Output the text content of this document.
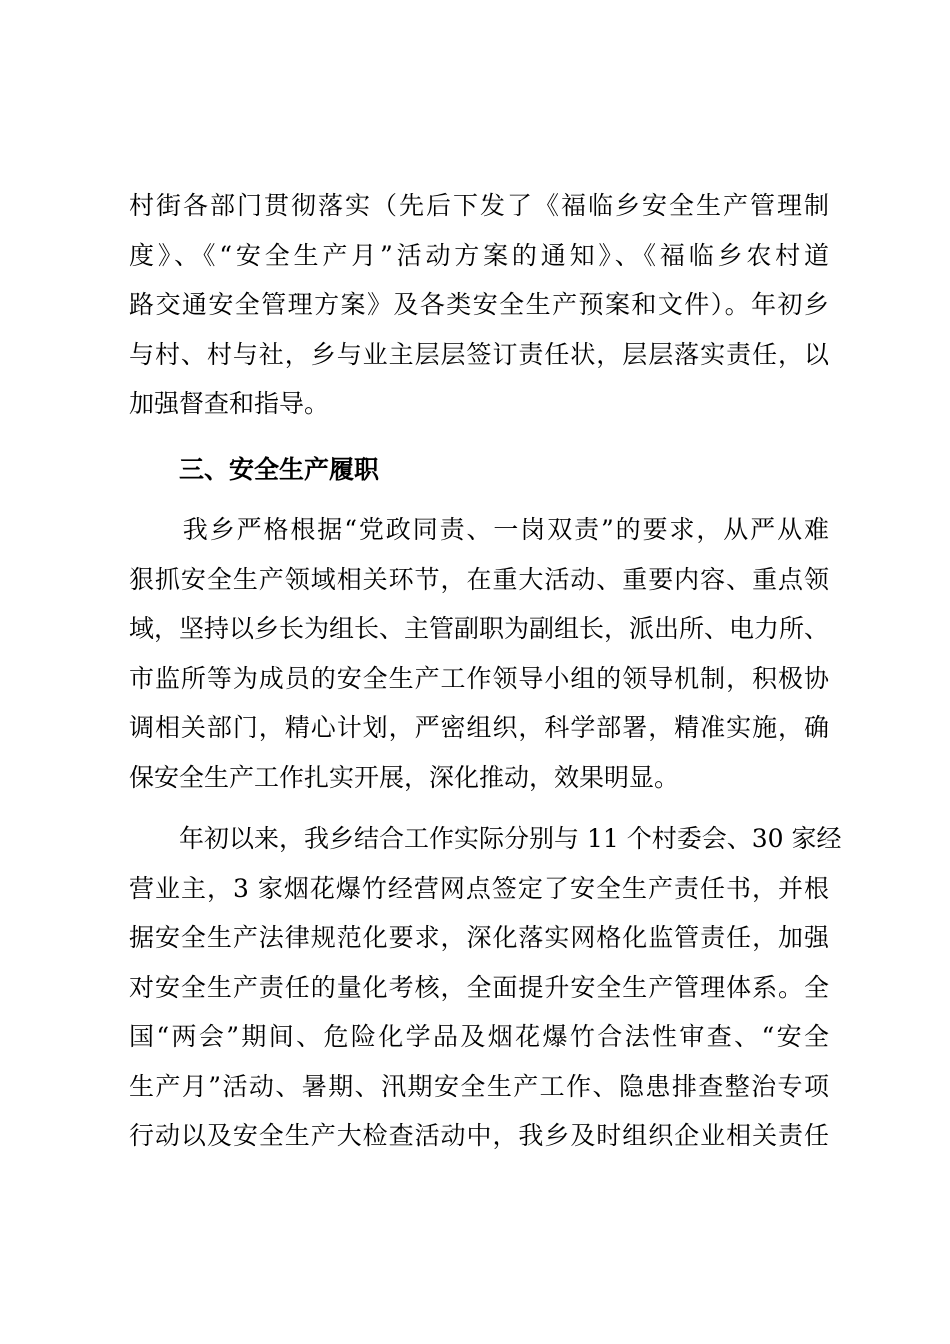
村街各部门贯彻落实（先后下发了《福临乡安全生产管理制
度》、《“安全生产月”活动方案的通知》、《福临乡农村道
路交通安全管理方案》及各类安全生产预案和文件）。年初乡
与村、村与社，乡与业主层层签订责任状，层层落实责任，以
加强督查和指导。
三、安全生产履职
　　我乡严格根据“党政同责、一岗双责”的要求，从严从难
狠抓安全生产领域相关环节，在重大活动、重要内容、重点领
域，坚持以乡长为组长、主管副职为副组长，派出所、电力所、
市监所等为成员的安全生产工作领导小组的领导机制，积极协
调相关部门，精心计划，严密组织，科学部署，精准实施，确
保安全生产工作扎实开展，深化推动，效果明显。
　　年初以来，我乡结合工作实际分别与 11 个村委会、30 家经
营业主，3 家烟花爆竹经营网点签定了安全生产责任书，并根
据安全生产法律规范化要求，深化落实网格化监管责任，加强
对安全生产责任的量化考核，全面提升安全生产管理体系。全
国“两会”期间、危险化学品及烟花爆竹合法性审查、“安全
生产月”活动、暑期、汛期安全生产工作、隐患排查整治专项
行动以及安全生产大检查活动中，我乡及时组织企业相关责任
